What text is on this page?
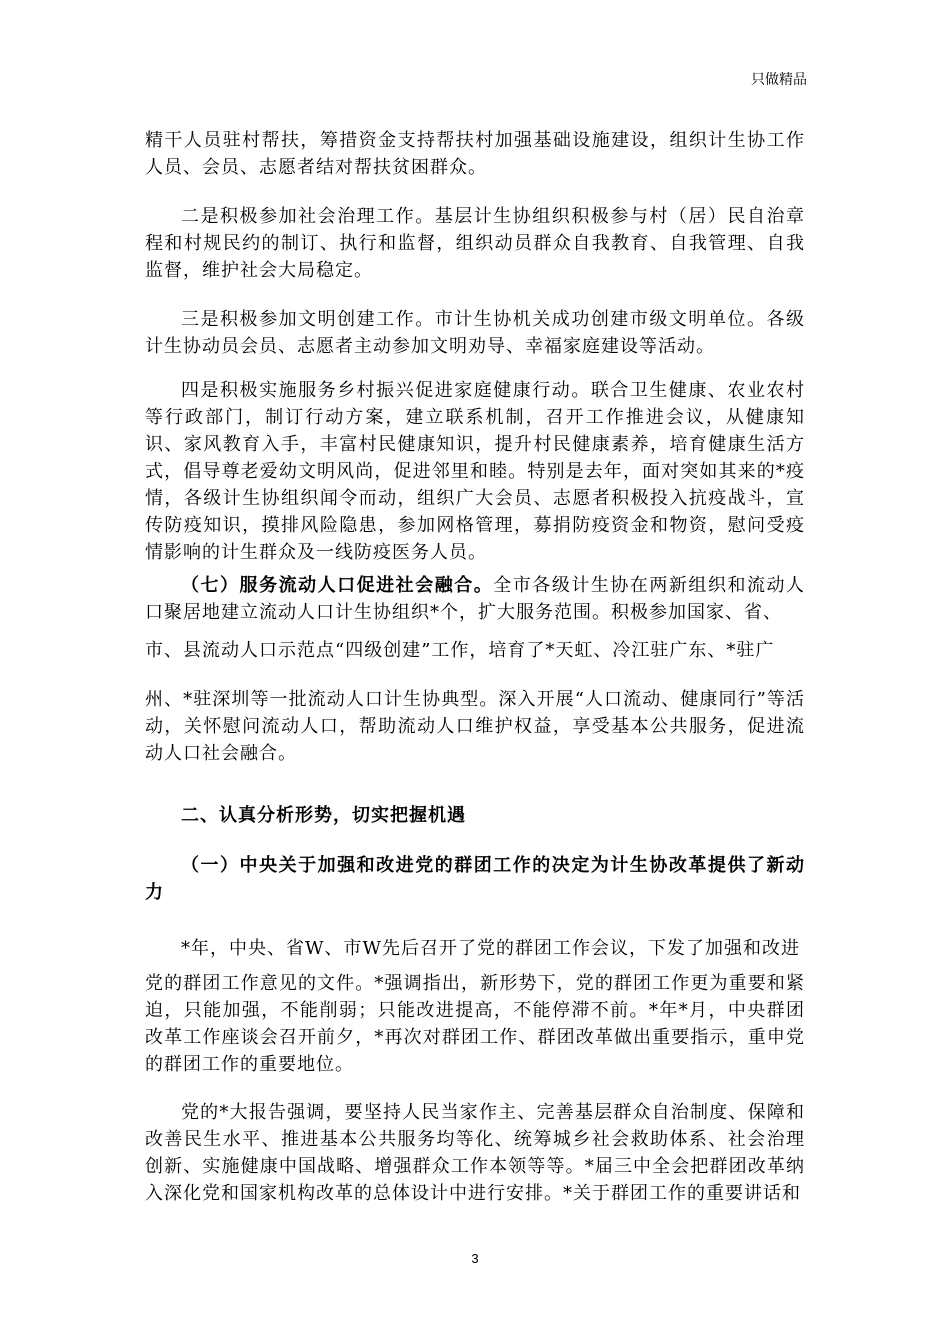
只做精品

精干人员驻村帮扶，筹措资金支持帮扶村加强基础设施建设，组织计生协工作人员、会员、志愿者结对帮扶贫困群众。

二是积极参加社会治理工作。基层计生协组织积极参与村（居）民自治章程和村规民约的制订、执行和监督，组织动员群众自我教育、自我管理、自我监督，维护社会大局稳定。

三是积极参加文明创建工作。市计生协机关成功创建市级文明单位。各级计生协动员会员、志愿者主动参加文明劝导、幸福家庭建设等活动。

四是积极实施服务乡村振兴促进家庭健康行动。联合卫生健康、农业农村等行政部门，制订行动方案，建立联系机制，召开工作推进会议，从健康知识、家风教育入手，丰富村民健康知识，提升村民健康素养，培育健康生活方式，倡导尊老爱幼文明风尚，促进邻里和睦。特别是去年，面对突如其来的*疫情，各级计生协组织闻令而动，组织广大会员、志愿者积极投入抗疫战斗，宣传防疫知识，摸排风险隐患，参加网格管理，募捐防疫资金和物资，慰问受疫情影响的计生群众及一线防疫医务人员。

（七）服务流动人口促进社会融合。全市各级计生协在两新组织和流动人口聚居地建立流动人口计生协组织*个，扩大服务范围。积极参加国家、省、

市、县流动人口示范点“四级创建”工作，培育了*天虹、冷江驻广东、*驻广

州、*驻深圳等一批流动人口计生协典型。深入开展“人口流动、健康同行”等活动，关怀慰问流动人口，帮助流动人口维护权益，享受基本公共服务，促进流动人口社会融合。

二、认真分析形势，切实把握机遇

（一）中央关于加强和改进党的群团工作的决定为计生协改革提供了新动力

*年，中央、省W、市W先后召开了党的群团工作会议，下发了加强和改进

党的群团工作意见的文件。*强调指出，新形势下，党的群团工作更为重要和紧迫，只能加强，不能削弱；只能改进提高，不能停滞不前。*年*月，中央群团改革工作座谈会召开前夕，*再次对群团工作、群团改革做出重要指示，重申党的群团工作的重要地位。

党的*大报告强调，要坚持人民当家作主、完善基层群众自治制度、保障和改善民生水平、推进基本公共服务均等化、统筹城乡社会救助体系、社会治理创新、实施健康中国战略、增强群众工作本领等等。*届三中全会把群团改革纳入深化党和国家机构改革的总体设计中进行安排。*关于群团工作的重要讲话和

3
